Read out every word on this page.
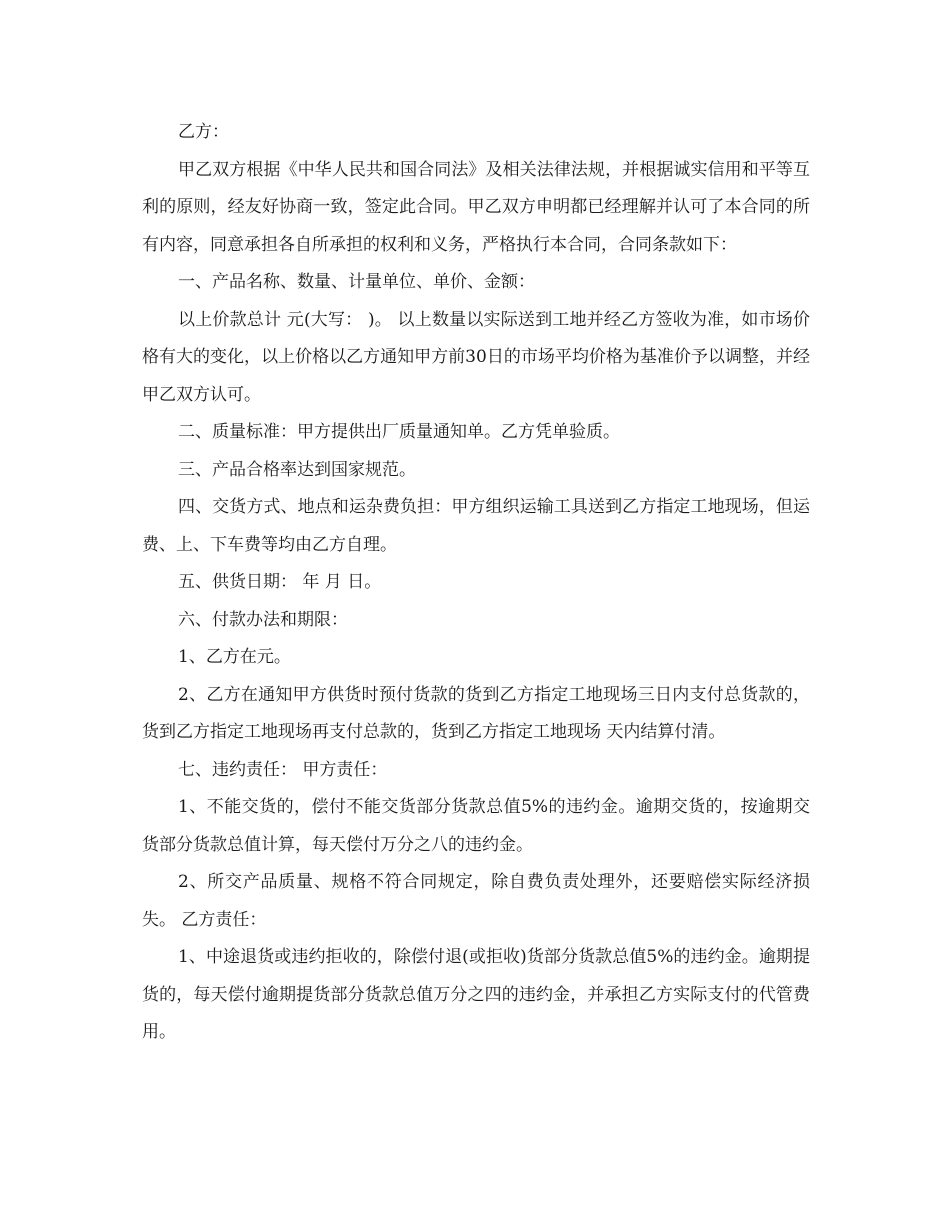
乙方：

甲乙双方根据《中华人民共和国合同法》及相关法律法规，并根据诚实信用和平等互利的原则，经友好协商一致，签定此合同。甲乙双方申明都已经理解并认可了本合同的所有内容，同意承担各自所承担的权利和义务，严格执行本合同，合同条款如下：

一、产品名称、数量、计量单位、单价、金额：

以上价款总计 元(大写： )。 以上数量以实际送到工地并经乙方签收为准，如市场价格有大的变化，以上价格以乙方通知甲方前30日的市场平均价格为基准价予以调整，并经甲乙双方认可。

二、质量标准：甲方提供出厂质量通知单。乙方凭单验质。

三、产品合格率达到国家规范。

四、交货方式、地点和运杂费负担：甲方组织运输工具送到乙方指定工地现场，但运费、上、下车费等均由乙方自理。

五、供货日期： 年 月 日。

六、付款办法和期限：

1、乙方在元。

2、乙方在通知甲方供货时预付货款的货到乙方指定工地现场三日内支付总货款的，货到乙方指定工地现场再支付总款的，货到乙方指定工地现场 天内结算付清。

七、违约责任： 甲方责任：

1、不能交货的，偿付不能交货部分货款总值5%的违约金。逾期交货的，按逾期交货部分货款总值计算，每天偿付万分之八的违约金。

2、所交产品质量、规格不符合同规定，除自费负责处理外，还要赔偿实际经济损失。 乙方责任：

1、中途退货或违约拒收的，除偿付退(或拒收)货部分货款总值5%的违约金。逾期提货的，每天偿付逾期提货部分货款总值万分之四的违约金，并承担乙方实际支付的代管费用。
